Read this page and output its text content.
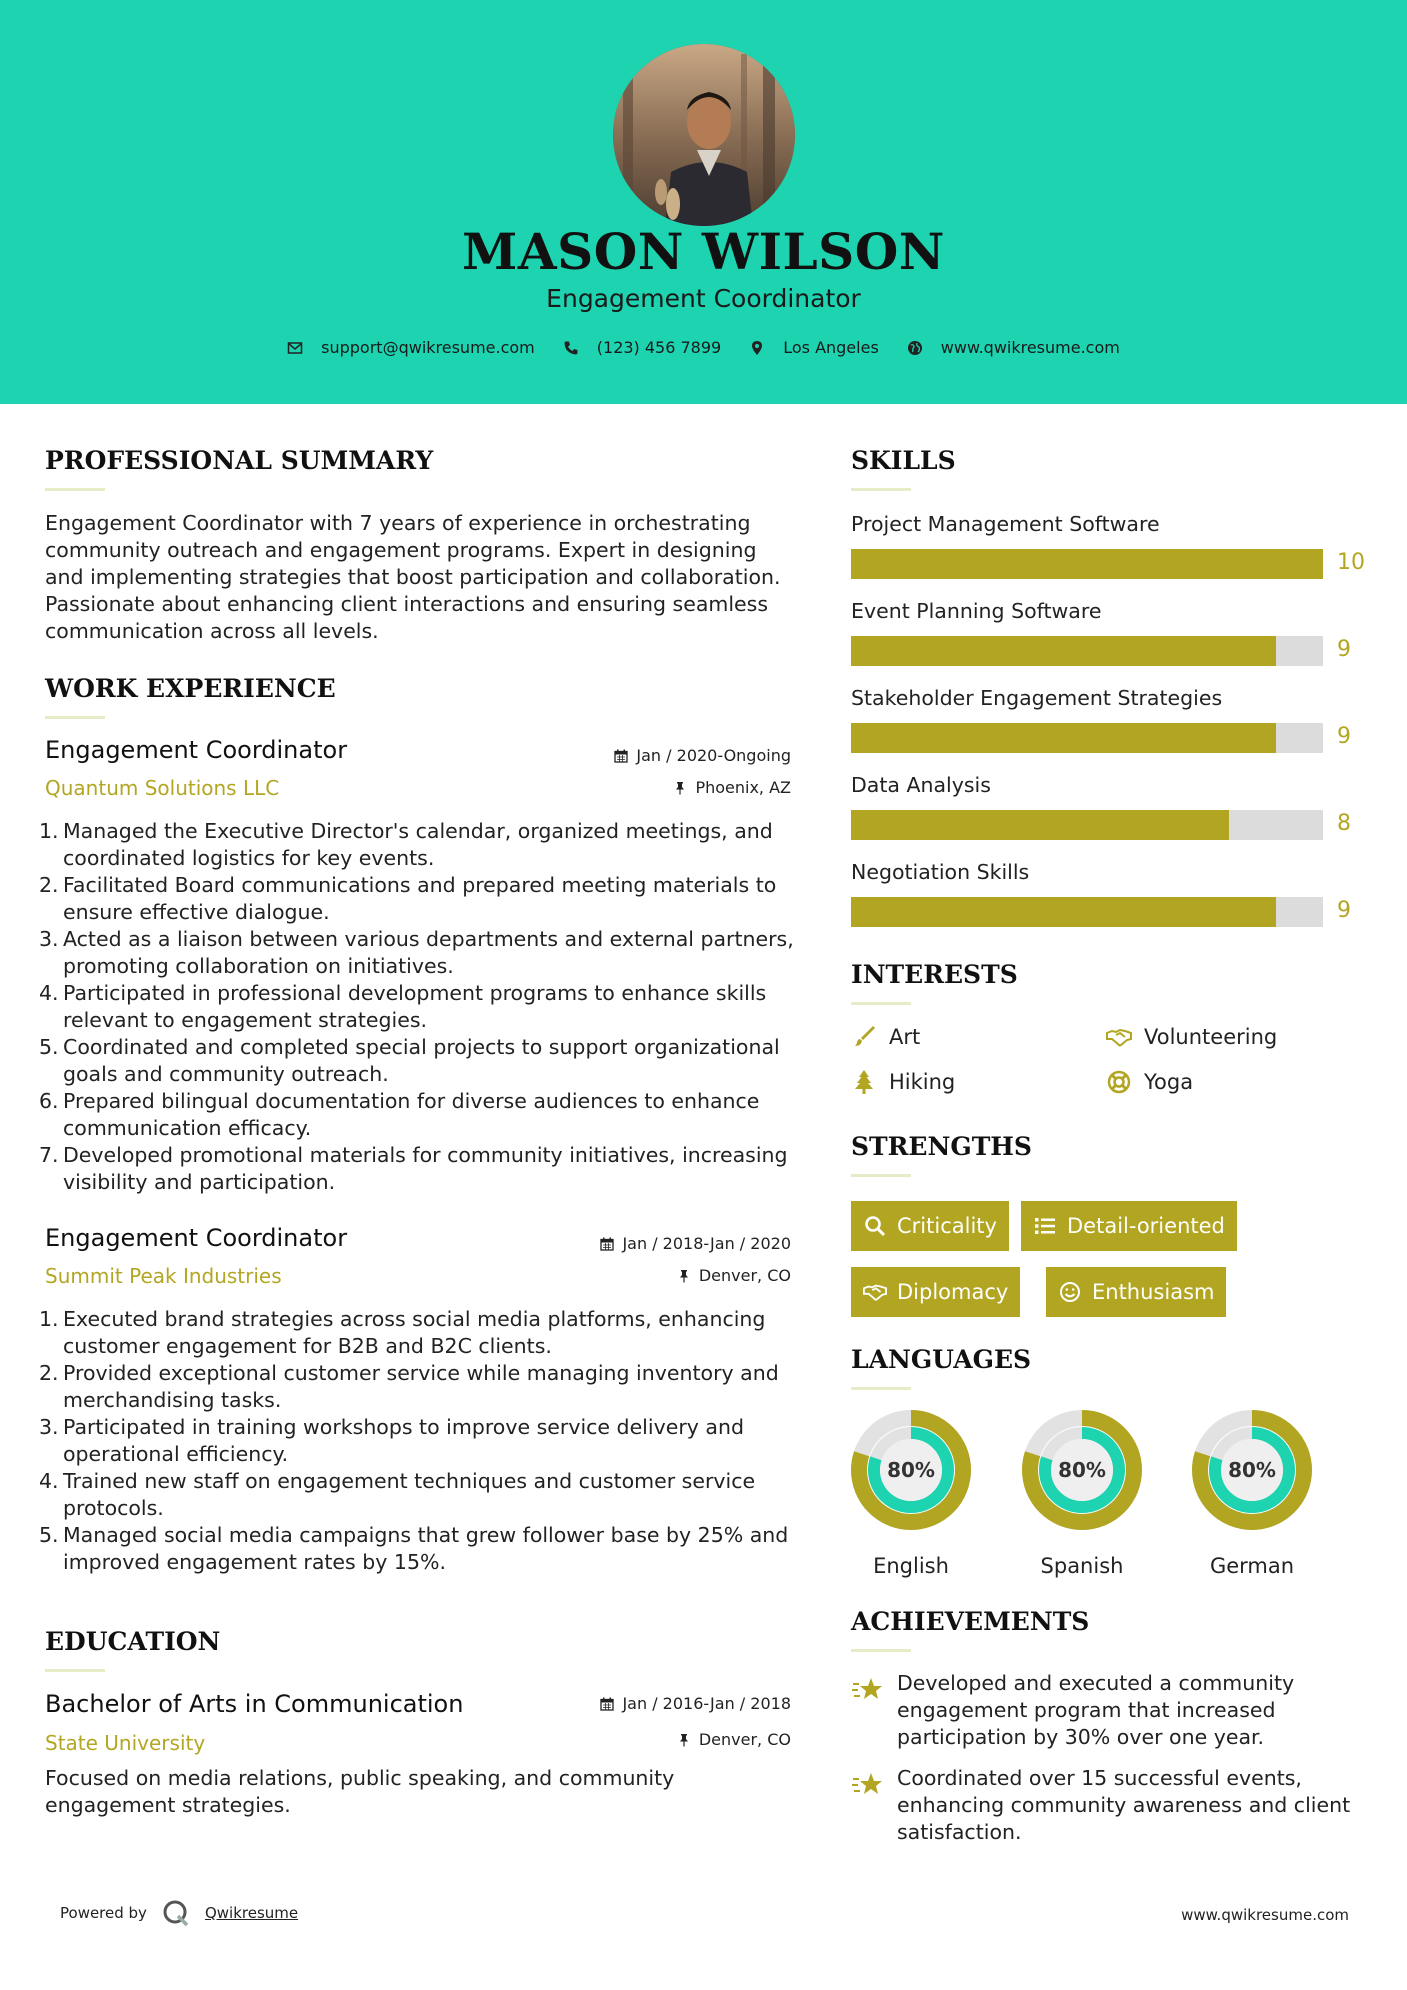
MASON WILSON
Engagement Coordinator
support@qwikresume.com	(123) 456 7899	Los Angeles	www.qwikresume.com
PROFESSIONAL SUMMARY
Engagement Coordinator with 7 years of experience in orchestrating community outreach and engagement programs. Expert in designing and implementing strategies that boost participation and collaboration. Passionate about enhancing client interactions and ensuring seamless communication across all levels.
WORK EXPERIENCE
Engagement Coordinator
Quantum Solutions LLC
Jan / 2020-Ongoing
Phoenix, AZ
1. Managed the Executive Director's calendar, organized meetings, and coordinated logistics for key events.
2. Facilitated Board communications and prepared meeting materials to ensure effective dialogue.
3. Acted as a liaison between various departments and external partners, promoting collaboration on initiatives.
4. Participated in professional development programs to enhance skills relevant to engagement strategies.
5. Coordinated and completed special projects to support organizational goals and community outreach.
6. Prepared bilingual documentation for diverse audiences to enhance communication efficacy.
7. Developed promotional materials for community initiatives, increasing visibility and participation.
Engagement Coordinator
Summit Peak Industries
Jan / 2018-Jan / 2020
Denver, CO
1. Executed brand strategies across social media platforms, enhancing customer engagement for B2B and B2C clients.
2. Provided exceptional customer service while managing inventory and merchandising tasks.
3. Participated in training workshops to improve service delivery and operational efficiency.
4. Trained new staff on engagement techniques and customer service protocols.
5. Managed social media campaigns that grew follower base by 25% and improved engagement rates by 15%.
EDUCATION
Bachelor of Arts in Communication
State University
Jan / 2016-Jan / 2018
Denver, CO
Focused on media relations, public speaking, and community engagement strategies.
SKILLS
Project Management Software
10
Event Planning Software
9
Stakeholder Engagement Strategies
9
Data Analysis
8
Negotiation Skills
9
INTERESTS
Art	Volunteering
Hiking	Yoga
STRENGTHS
Criticality	Detail-oriented
Diplomacy	Enthusiasm
LANGUAGES
80%
English
80%
Spanish
80%
German
ACHIEVEMENTS
Developed and executed a community engagement program that increased participation by 30% over one year.
Coordinated over 15 successful events, enhancing community awareness and client satisfaction.
Powered by	Qwikresume	www.qwikresume.com
